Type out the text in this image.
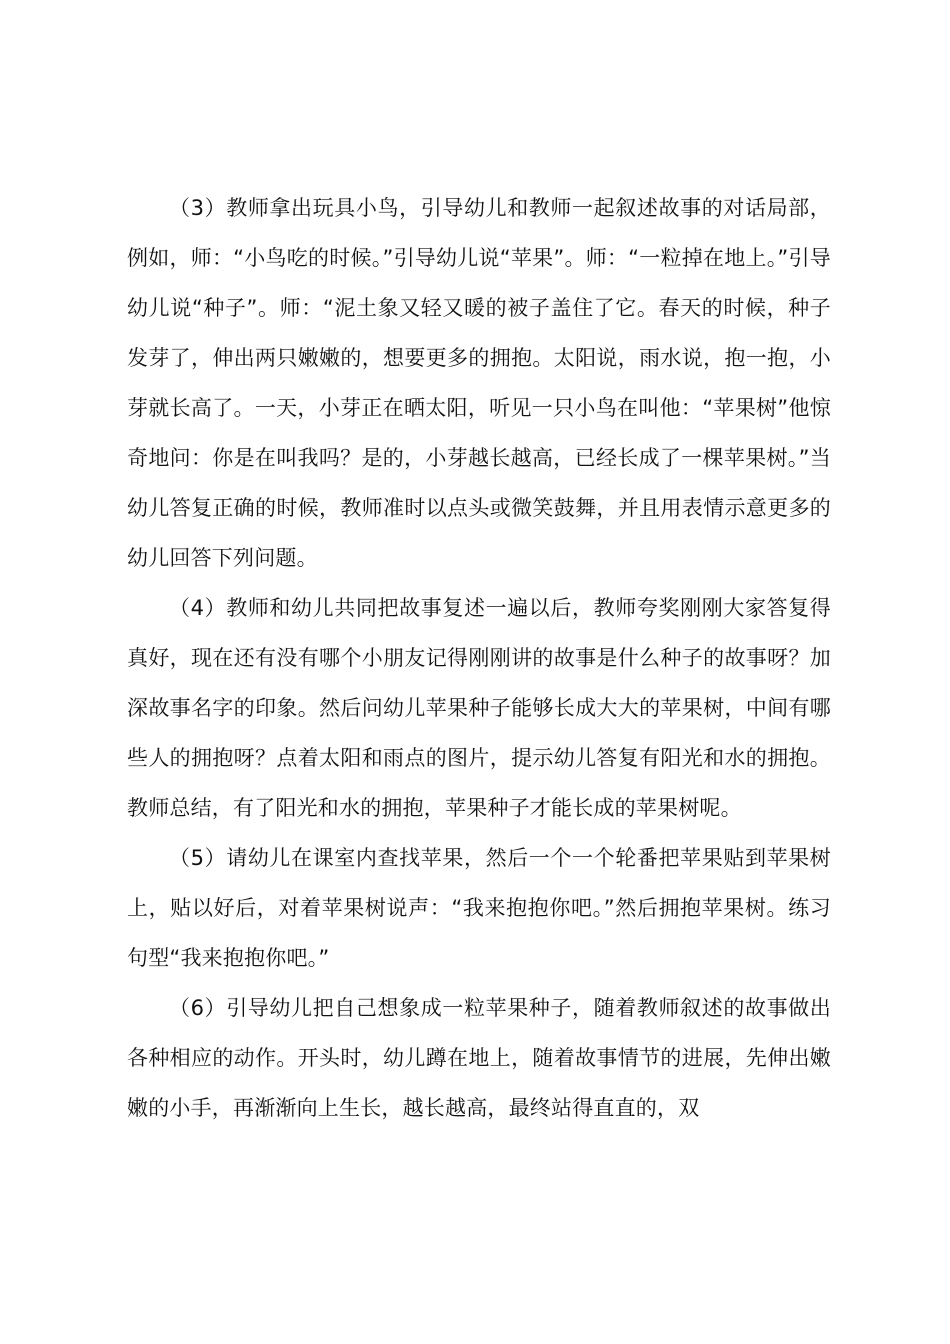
（3）教师拿出玩具小鸟，引导幼儿和教师一起叙述故事的对话局部，例如，师：“小鸟吃的时候。”引导幼儿说“苹果”。师：“一粒掉在地上。”引导幼儿说“种子”。师：“泥土象又轻又暖的被子盖住了它。春天的时候，种子发芽了，伸出两只嫩嫩的，想要更多的拥抱。太阳说，雨水说，抱一抱，小芽就长高了。一天，小芽正在晒太阳，听见一只小鸟在叫他：“苹果树”他惊奇地问：你是在叫我吗？是的，小芽越长越高，已经长成了一棵苹果树。”当幼儿答复正确的时候，教师准时以点头或微笑鼓舞，并且用表情示意更多的幼儿回答下列问题。

（4）教师和幼儿共同把故事复述一遍以后，教师夸奖刚刚大家答复得真好，现在还有没有哪个小朋友记得刚刚讲的故事是什么种子的故事呀？加深故事名字的印象。然后问幼儿苹果种子能够长成大大的苹果树，中间有哪些人的拥抱呀？点着太阳和雨点的图片，提示幼儿答复有阳光和水的拥抱。教师总结，有了阳光和水的拥抱，苹果种子才能长成的苹果树呢。

（5）请幼儿在课室内查找苹果，然后一个一个轮番把苹果贴到苹果树上，贴以好后，对着苹果树说声：“我来抱抱你吧。”然后拥抱苹果树。练习句型“我来抱抱你吧。”

（6）引导幼儿把自己想象成一粒苹果种子，随着教师叙述的故事做出各种相应的动作。开头时，幼儿蹲在地上，随着故事情节的进展，先伸出嫩嫩的小手，再渐渐向上生长，越长越高，最终站得直直的，双
